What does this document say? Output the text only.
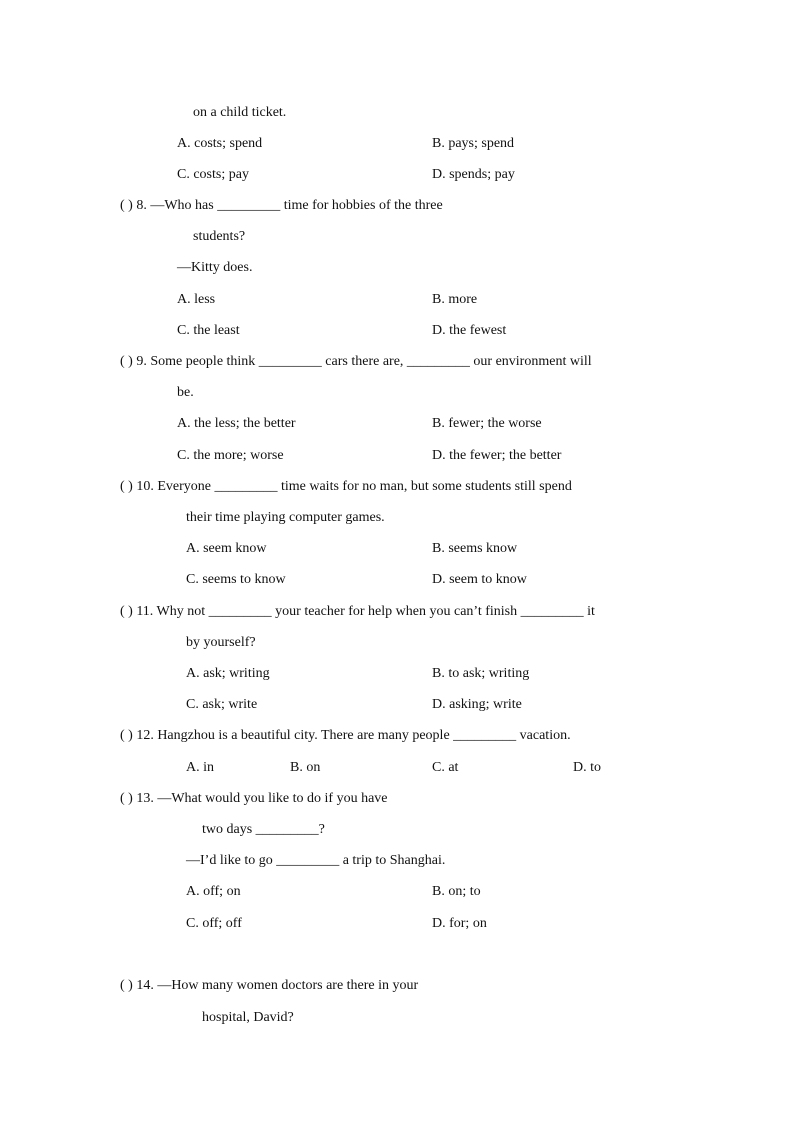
on a child ticket.
A. costs; spend	B. pays; spend
C. costs; pay	D. spends; pay
( ) 8. —Who has _________ time for hobbies of the three
students?
—Kitty does.
A. less	B. more
C. the least	D. the fewest
( ) 9. Some people think _________ cars there are, _________ our environment will
be.
A. the less; the better	B. fewer; the worse
C. the more; worse	D. the fewer; the better
( ) 10. Everyone _________ time waits for no man, but some students still spend
their time playing computer games.
A. seem know	B. seems know
C. seems to know	D. seem to know
( ) 11. Why not _________ your teacher for help when you can’t finish _________ it
by yourself?
A. ask; writing	B. to ask; writing
C. ask; write	D. asking; write
( ) 12. Hangzhou is a beautiful city. There are many people _________ vacation.
A. in	B. on	C. at	D. to
( ) 13. —What would you like to do if you have
two days _________?
—I’d like to go _________ a trip to Shanghai.
A. off; on	B. on; to
C. off; off	D. for; on
( ) 14. —How many women doctors are there in your
hospital, David?
